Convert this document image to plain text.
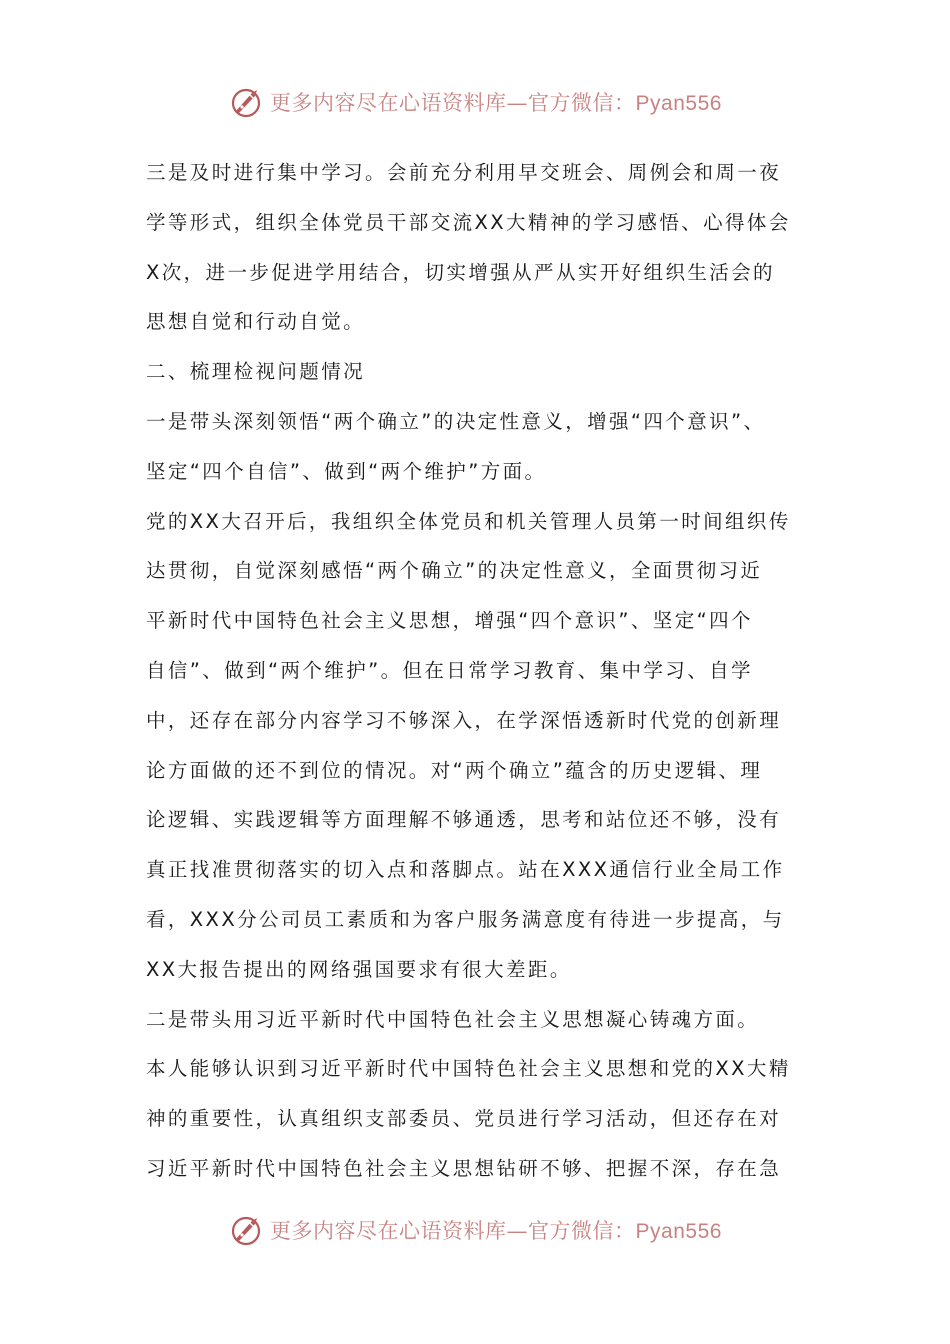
更多内容尽在心语资料库—官方微信：Pyan556
三是及时进行集中学习。会前充分利用早交班会、周例会和周一夜
学等形式，组织全体党员干部交流XX大精神的学习感悟、心得体会
X次，进一步促进学用结合，切实增强从严从实开好组织生活会的
思想自觉和行动自觉。
二、梳理检视问题情况
一是带头深刻领悟“两个确立”的决定性意义，增强“四个意识”、
坚定“四个自信”、做到“两个维护”方面。
党的XX大召开后，我组织全体党员和机关管理人员第一时间组织传
达贯彻，自觉深刻感悟“两个确立”的决定性意义，全面贯彻习近
平新时代中国特色社会主义思想，增强“四个意识”、坚定“四个
自信”、做到“两个维护”。但在日常学习教育、集中学习、自学
中，还存在部分内容学习不够深入，在学深悟透新时代党的创新理
论方面做的还不到位的情况。对“两个确立”蕴含的历史逻辑、理
论逻辑、实践逻辑等方面理解不够通透，思考和站位还不够，没有
真正找准贯彻落实的切入点和落脚点。站在XXX通信行业全局工作
看，XXX分公司员工素质和为客户服务满意度有待进一步提高，与
XX大报告提出的网络强国要求有很大差距。
二是带头用习近平新时代中国特色社会主义思想凝心铸魂方面。
本人能够认识到习近平新时代中国特色社会主义思想和党的XX大精
神的重要性，认真组织支部委员、党员进行学习活动，但还存在对
习近平新时代中国特色社会主义思想钻研不够、把握不深，存在急
更多内容尽在心语资料库—官方微信：Pyan556
